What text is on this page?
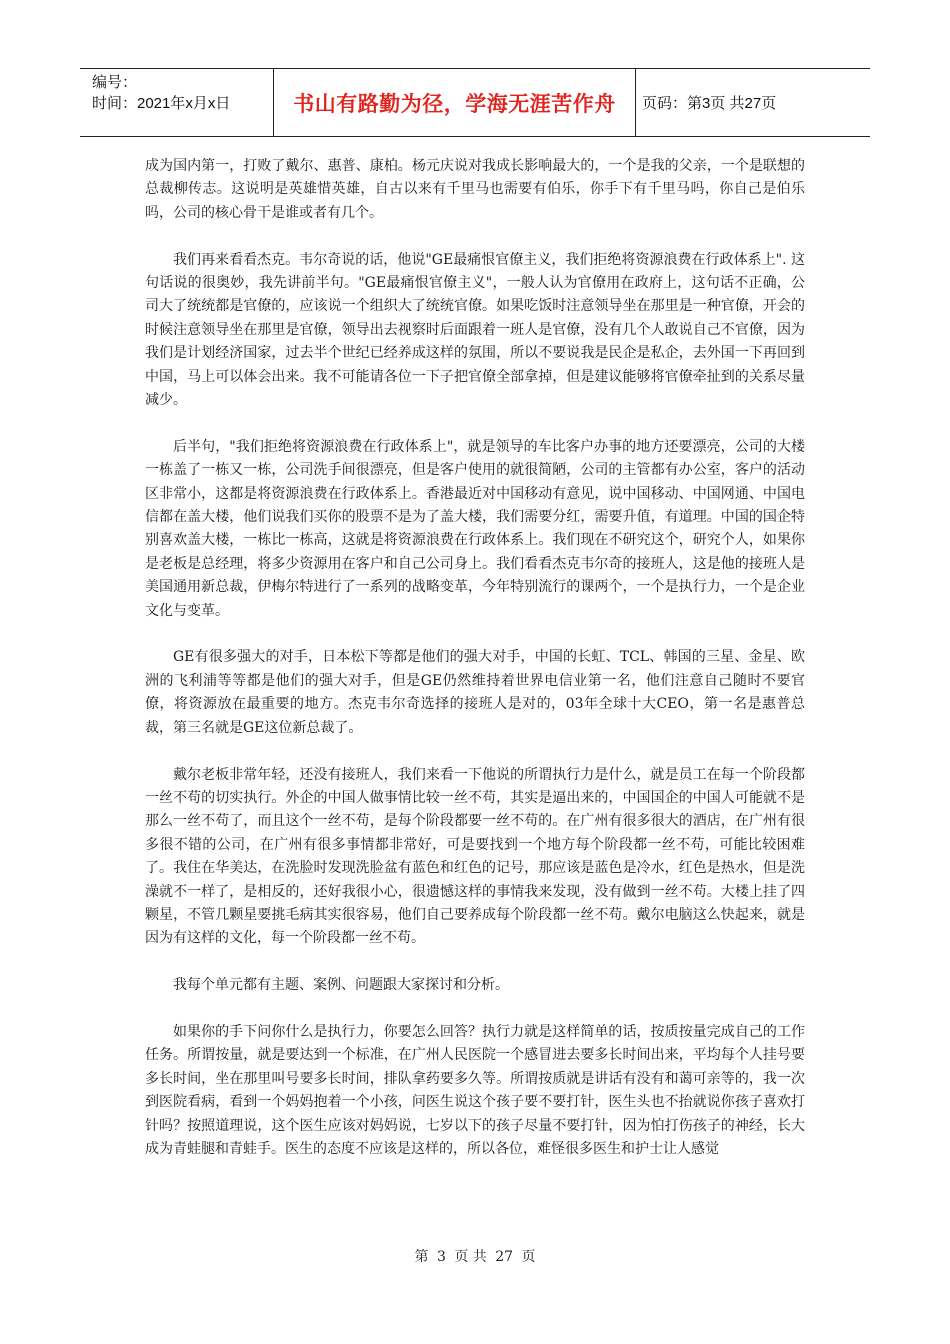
编号：
时间：2021年x月x日	书山有路勤为径，学海无涯苦作舟 页码：第3页 共27页

成为国内第一，打败了戴尔、惠普、康柏。杨元庆说对我成长影响最大的，一个是我的父亲，一个是联想的总裁柳传志。这说明是英雄惜英雄，自古以来有千里马也需要有伯乐，你手下有千里马吗，你自己是伯乐吗，公司的核心骨干是谁或者有几个。

我们再来看看杰克。韦尔奇说的话，他说"GE最痛恨官僚主义，我们拒绝将资源浪费在行政体系上". 这句话说的很奥妙，我先讲前半句。"GE最痛恨官僚主义"，一般人认为官僚用在政府上，这句话不正确，公司大了统统都是官僚的，应该说一个组织大了统统官僚。如果吃饭时注意领导坐在那里是一种官僚，开会的时候注意领导坐在那里是官僚，领导出去视察时后面跟着一班人是官僚，没有几个人敢说自己不官僚，因为我们是计划经济国家，过去半个世纪已经养成这样的氛围，所以不要说我是民企是私企，去外国一下再回到中国，马上可以体会出来。我不可能请各位一下子把官僚全部拿掉，但是建议能够将官僚牵扯到的关系尽量减少。

后半句，"我们拒绝将资源浪费在行政体系上"，就是领导的车比客户办事的地方还要漂亮，公司的大楼一栋盖了一栋又一栋，公司洗手间很漂亮，但是客户使用的就很简陋，公司的主管都有办公室，客户的活动区非常小，这都是将资源浪费在行政体系上。香港最近对中国移动有意见，说中国移动、中国网通、中国电信都在盖大楼，他们说我们买你的股票不是为了盖大楼，我们需要分红，需要升值，有道理。中国的国企特别喜欢盖大楼，一栋比一栋高，这就是将资源浪费在行政体系上。我们现在不研究这个，研究个人，如果你是老板是总经理，将多少资源用在客户和自己公司身上。我们看看杰克韦尔奇的接班人，这是他的接班人是美国通用新总裁，伊梅尔特进行了一系列的战略变革，今年特别流行的课两个，一个是执行力，一个是企业文化与变革。

GE有很多强大的对手，日本松下等都是他们的强大对手，中国的长虹、TCL、韩国的三星、金星、欧洲的飞利浦等等都是他们的强大对手，但是GE仍然维持着世界电信业第一名，他们注意自己随时不要官僚，将资源放在最重要的地方。杰克韦尔奇选择的接班人是对的，03年全球十大CEO，第一名是惠普总裁，第三名就是GE这位新总裁了。

戴尔老板非常年轻，还没有接班人，我们来看一下他说的所谓执行力是什么，就是员工在每一个阶段都一丝不苟的切实执行。外企的中国人做事情比较一丝不苟，其实是逼出来的，中国国企的中国人可能就不是那么一丝不苟了，而且这个一丝不苟，是每个阶段都要一丝不苟的。在广州有很多很大的酒店，在广州有很多很不错的公司，在广州有很多事情都非常好，可是要找到一个地方每个阶段都一丝不苟，可能比较困难了。我住在华美达，在洗脸时发现洗脸盆有蓝色和红色的记号，那应该是蓝色是冷水，红色是热水，但是洗澡就不一样了，是相反的，还好我很小心，很遗憾这样的事情我来发现，没有做到一丝不苟。大楼上挂了四颗星，不管几颗星要挑毛病其实很容易，他们自己要养成每个阶段都一丝不苟。戴尔电脑这么快起来，就是因为有这样的文化，每一个阶段都一丝不苟。

我每个单元都有主题、案例、问题跟大家探讨和分析。

如果你的手下问你什么是执行力，你要怎么回答？执行力就是这样简单的话，按质按量完成自己的工作任务。所谓按量，就是要达到一个标准，在广州人民医院一个感冒进去要多长时间出来，平均每个人挂号要多长时间，坐在那里叫号要多长时间，排队拿药要多久等。所谓按质就是讲话有没有和蔼可亲等的，我一次到医院看病，看到一个妈妈抱着一个小孩，问医生说这个孩子要不要打针，医生头也不抬就说你孩子喜欢打针吗？按照道理说，这个医生应该对妈妈说，七岁以下的孩子尽量不要打针，因为怕打伤孩子的神经，长大成为青蛙腿和青蛙手。医生的态度不应该是这样的，所以各位，难怪很多医生和护士让人感觉

第 3 页 共 27 页
